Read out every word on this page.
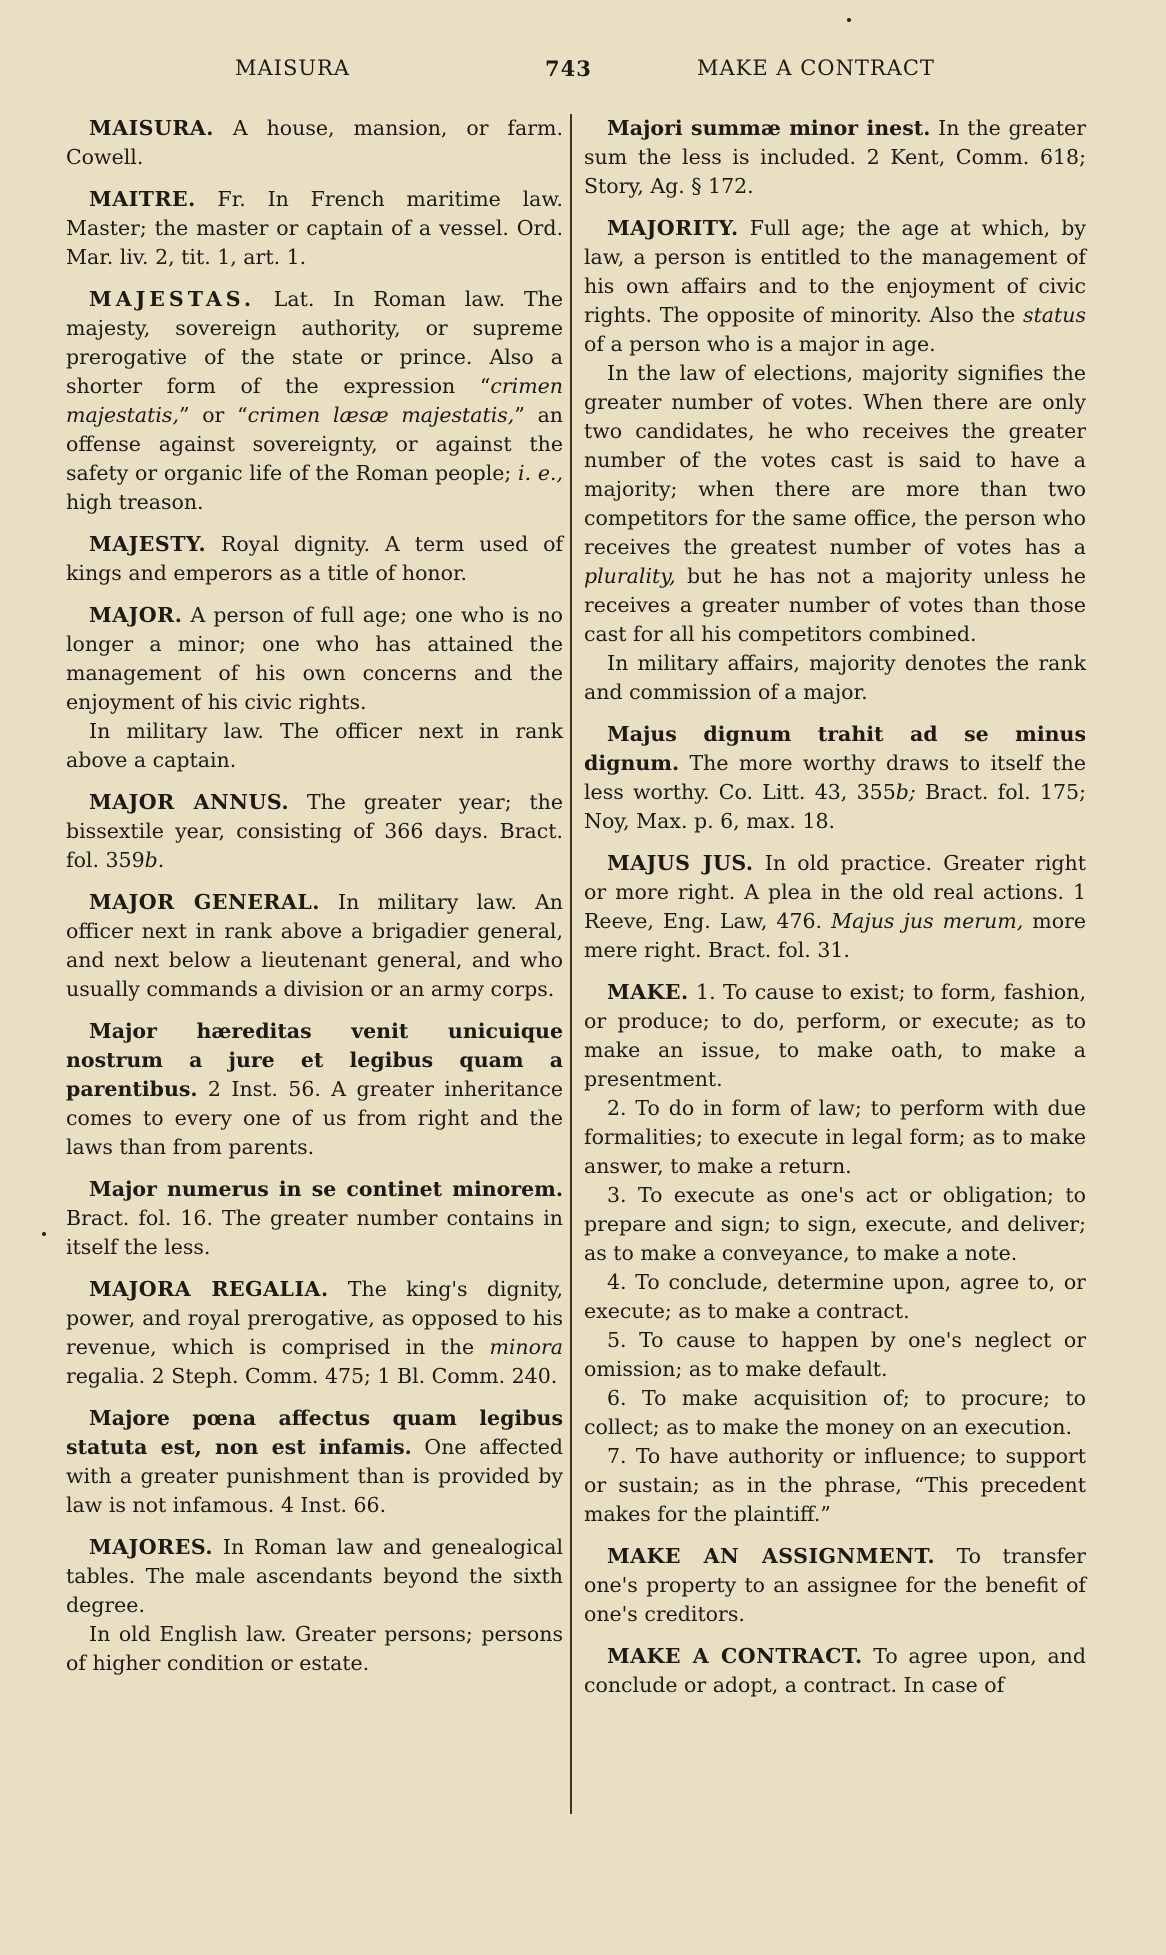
MAISURA	743	MAKE A CONTRACT

MAISURA. A house, mansion, or farm. Cowell.

MAITRE. Fr. In French maritime law. Master; the master or captain of a vessel. Ord. Mar. liv. 2, tit. 1, art. 1.

MAJESTAS. Lat. In Roman law. The majesty, sovereign authority, or supreme prerogative of the state or prince. Also a shorter form of the expression “crimen majestatis,” or “crimen læsæ majestatis,” an offense against sovereignty, or against the safety or organic life of the Roman people; i. e., high treason.

MAJESTY. Royal dignity. A term used of kings and emperors as a title of honor.

MAJOR. A person of full age; one who is no longer a minor; one who has attained the management of his own concerns and the enjoyment of his civic rights.

In military law. The officer next in rank above a captain.

MAJOR ANNUS. The greater year; the bissextile year, consisting of 366 days. Bract. fol. 359b.

MAJOR GENERAL. In military law. An officer next in rank above a brigadier general, and next below a lieutenant general, and who usually commands a division or an army corps.

Major hæreditas venit unicuique nostrum a jure et legibus quam a parentibus. 2 Inst. 56. A greater inheritance comes to every one of us from right and the laws than from parents.

Major numerus in se continet minorem. Bract. fol. 16. The greater number contains in itself the less.

MAJORA REGALIA. The king's dignity, power, and royal prerogative, as opposed to his revenue, which is comprised in the minora regalia. 2 Steph. Comm. 475; 1 Bl. Comm. 240.

Majore pœna affectus quam legibus statuta est, non est infamis. One affected with a greater punishment than is provided by law is not infamous. 4 Inst. 66.

MAJORES. In Roman law and genealogical tables. The male ascendants beyond the sixth degree.

In old English law. Greater persons; persons of higher condition or estate.

Majori summæ minor inest. In the greater sum the less is included. 2 Kent, Comm. 618; Story, Ag. § 172.

MAJORITY. Full age; the age at which, by law, a person is entitled to the management of his own affairs and to the enjoyment of civic rights. The opposite of minority. Also the status of a person who is a major in age.

In the law of elections, majority signifies the greater number of votes. When there are only two candidates, he who receives the greater number of the votes cast is said to have a majority; when there are more than two competitors for the same office, the person who receives the greatest number of votes has a plurality, but he has not a majority unless he receives a greater number of votes than those cast for all his competitors combined.

In military affairs, majority denotes the rank and commission of a major.

Majus dignum trahit ad se minus dignum. The more worthy draws to itself the less worthy. Co. Litt. 43, 355b; Bract. fol. 175; Noy, Max. p. 6, max. 18.

MAJUS JUS. In old practice. Greater right or more right. A plea in the old real actions. 1 Reeve, Eng. Law, 476. Majus jus merum, more mere right. Bract. fol. 31.

MAKE. 1. To cause to exist; to form, fashion, or produce; to do, perform, or execute; as to make an issue, to make oath, to make a presentment.

2. To do in form of law; to perform with due formalities; to execute in legal form; as to make answer, to make a return.

3. To execute as one's act or obligation; to prepare and sign; to sign, execute, and deliver; as to make a conveyance, to make a note.

4. To conclude, determine upon, agree to, or execute; as to make a contract.

5. To cause to happen by one's neglect or omission; as to make default.

6. To make acquisition of; to procure; to collect; as to make the money on an execution.

7. To have authority or influence; to support or sustain; as in the phrase, “This precedent makes for the plaintiff.”

MAKE AN ASSIGNMENT. To transfer one's property to an assignee for the benefit of one's creditors.

MAKE A CONTRACT. To agree upon, and conclude or adopt, a contract. In case of
